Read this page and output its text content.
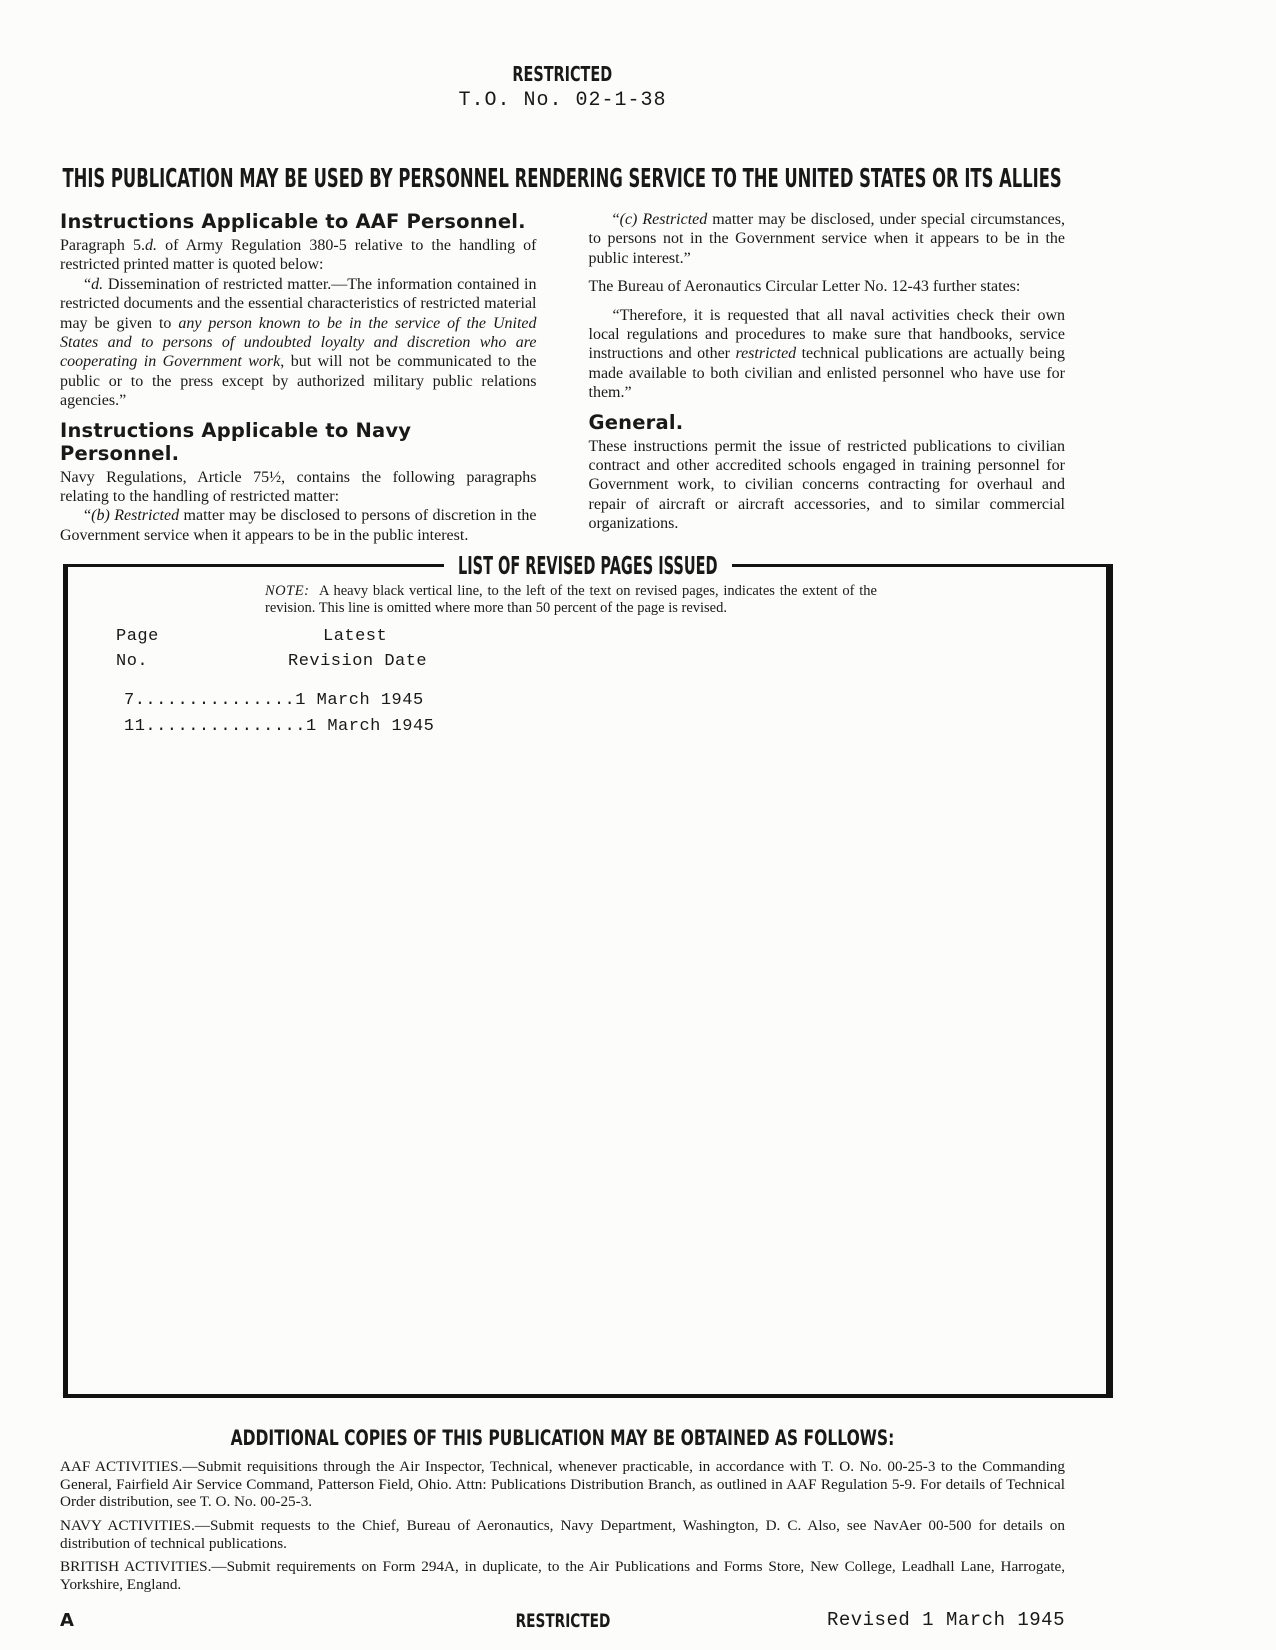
RESTRICTED
T.O. No. 02-1-38
THIS PUBLICATION MAY BE USED BY PERSONNEL RENDERING SERVICE TO THE UNITED STATES OR ITS ALLIES
Instructions Applicable to AAF Personnel.

Paragraph 5.d. of Army Regulation 380-5 relative to the handling of restricted printed matter is quoted below:

“d. Dissemination of restricted matter.—The information contained in restricted documents and the essential characteristics of restricted material may be given to any person known to be in the service of the United States and to persons of undoubted loyalty and discretion who are cooperating in Government work, but will not be communicated to the public or to the press except by authorized military public relations agencies.”

Instructions Applicable to Navy Personnel.

Navy Regulations, Article 75½, contains the following paragraphs relating to the handling of restricted matter:

“(b) Restricted matter may be disclosed to persons of discretion in the Government service when it appears to be in the public interest.

“(c) Restricted matter may be disclosed, under special circumstances, to persons not in the Government service when it appears to be in the public interest.”

The Bureau of Aeronautics Circular Letter No. 12-43 further states:

“Therefore, it is requested that all naval activities check their own local regulations and procedures to make sure that handbooks, service instructions and other restricted technical publications are actually being made available to both civilian and enlisted personnel who have use for them.”

General.

These instructions permit the issue of restricted publications to civilian contract and other accredited schools engaged in training personnel for Government work, to civilian concerns contracting for overhaul and repair of aircraft or aircraft accessories, and to similar commercial organizations.

LIST OF REVISED PAGES ISSUED

NOTE: A heavy black vertical line, to the left of the text on revised pages, indicates the extent of the revision. This line is omitted where more than 50 percent of the page is revised.

Page	Latest
No.	Revision Date
7...............1 March 1945
11...............1 March 1945
ADDITIONAL COPIES OF THIS PUBLICATION MAY BE OBTAINED AS FOLLOWS:

AAF ACTIVITIES.—Submit requisitions through the Air Inspector, Technical, whenever practicable, in accordance with T. O. No. 00-25-3 to the Commanding General, Fairfield Air Service Command, Patterson Field, Ohio. Attn: Publications Distribution Branch, as outlined in AAF Regulation 5-9. For details of Technical Order distribution, see T. O. No. 00-25-3.

NAVY ACTIVITIES.—Submit requests to the Chief, Bureau of Aeronautics, Navy Department, Washington, D. C. Also, see NavAer 00-500 for details on distribution of technical publications.

BRITISH ACTIVITIES.—Submit requirements on Form 294A, in duplicate, to the Air Publications and Forms Store, New College, Leadhall Lane, Harrogate, Yorkshire, England.

A	RESTRICTED	Revised 1 March 1945
